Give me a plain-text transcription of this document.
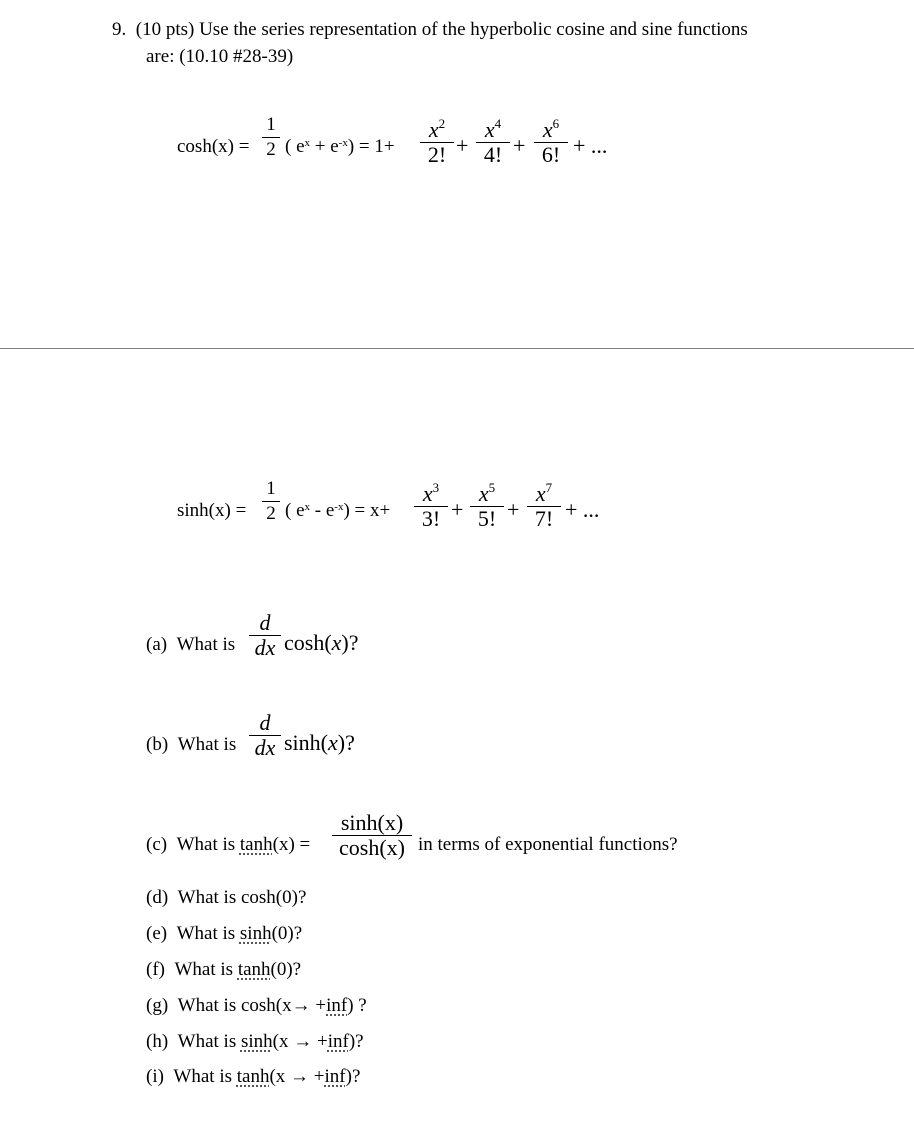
9.  (10 pts) Use the series representation of the hyperbolic cosine and sine functions
are: (10.10 #28-39)
cosh(x) =
1
2 ( $e^x + e^{-x}) = 1+$
$x^2$
2! +
$x^4$
4! +
$x^6$
6! + ...
sinh(x) =
1
2 ( $e^x - e^{-x}) = x+$
$x^3$
3! +
$x^5$
5! +
$x^7$
7! + ...
(a)  What is
d
dx cosh(x)?
(b)  What is
d
dx sinh(x)?
(c)  What is tanh(x) =
sinh(x)
cosh(x) in terms of exponential functions?
(d)  What is cosh(0)?
(e)  What is sinh(0)?
(f)  What is tanh(0)?
(g)  What is cosh(x→ +inf) ?
(h)  What is sinh(x → +inf)?
(i)  What is tanh(x → +inf)?
